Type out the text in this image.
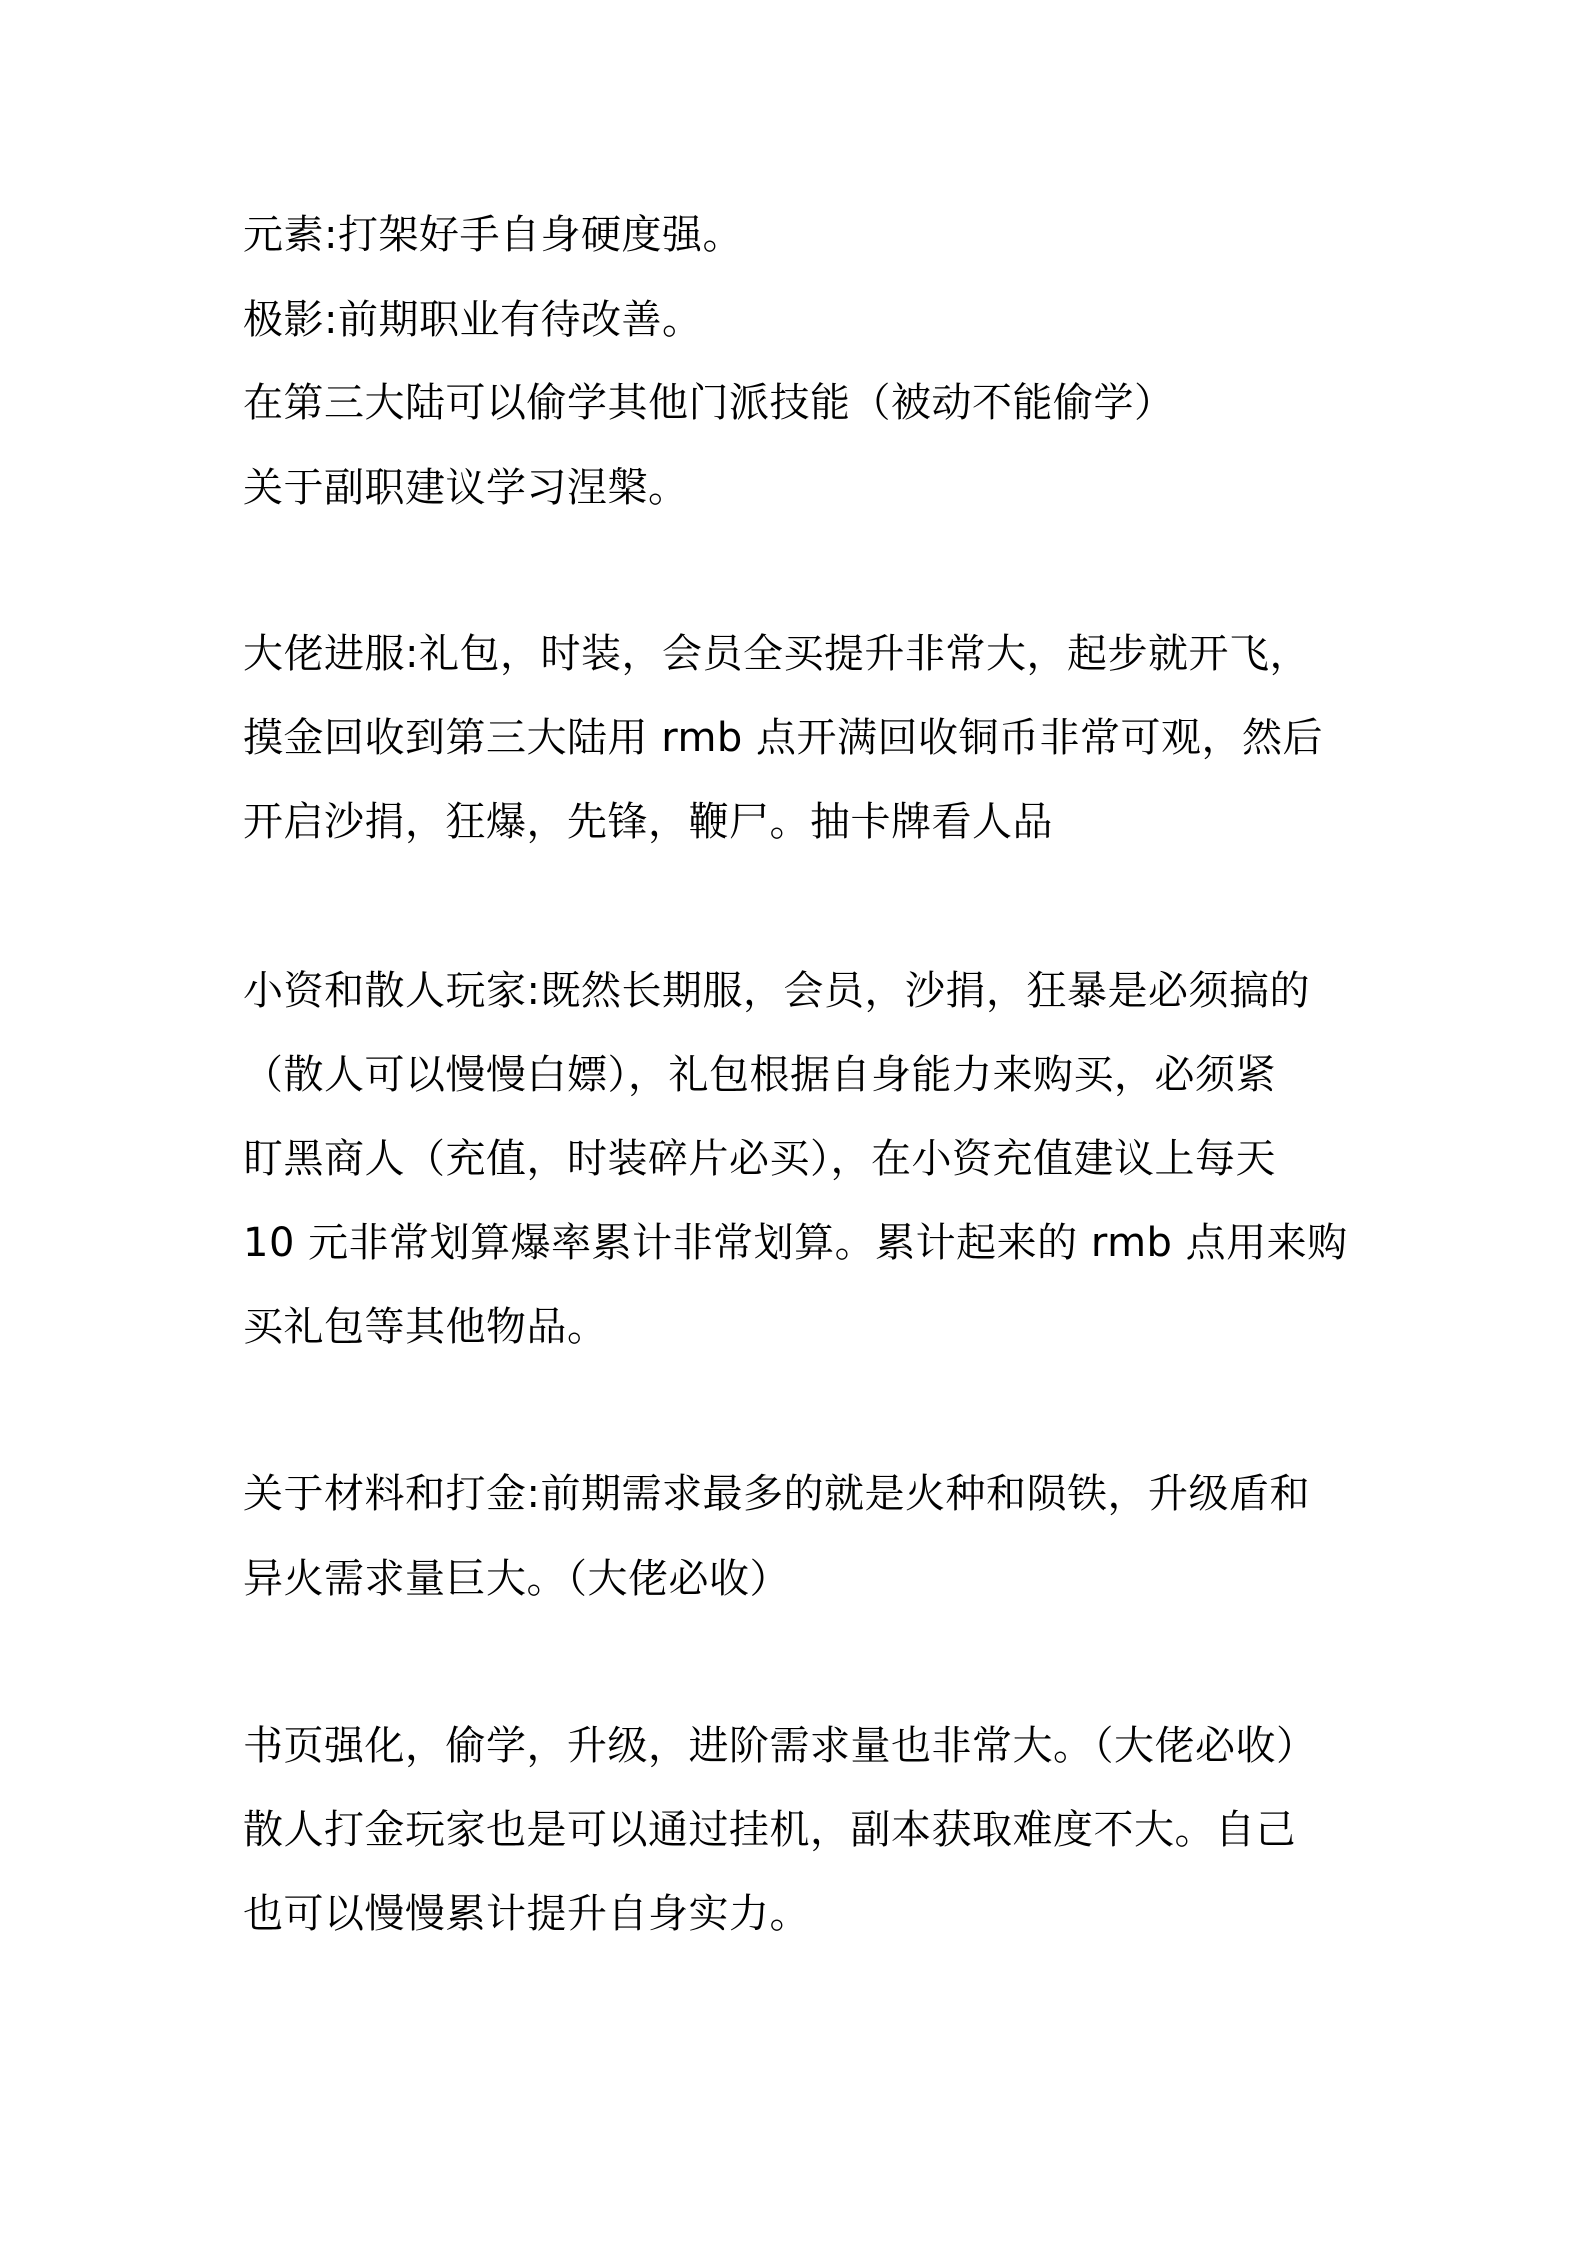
元素:打架好手自身硬度强。
极影:前期职业有待改善。
在第三大陆可以偷学其他门派技能（被动不能偷学）
关于副职建议学习涅槃。
大佬进服:礼包，时装，会员全买提升非常大，起步就开飞，
摸金回收到第三大陆用 rmb 点开满回收铜币非常可观，然后
开启沙捐，狂爆，先锋，鞭尸。抽卡牌看人品
小资和散人玩家:既然长期服，会员，沙捐，狂暴是必须搞的
（散人可以慢慢白嫖），礼包根据自身能力来购买，必须紧
盯黑商人（充值，时装碎片必买），在小资充值建议上每天
10 元非常划算爆率累计非常划算。累计起来的 rmb 点用来购
买礼包等其他物品。
关于材料和打金:前期需求最多的就是火种和陨铁，升级盾和
异火需求量巨大。（大佬必收）
书页强化，偷学，升级，进阶需求量也非常大。（大佬必收）
散人打金玩家也是可以通过挂机，副本获取难度不大。自己
也可以慢慢累计提升自身实力。
